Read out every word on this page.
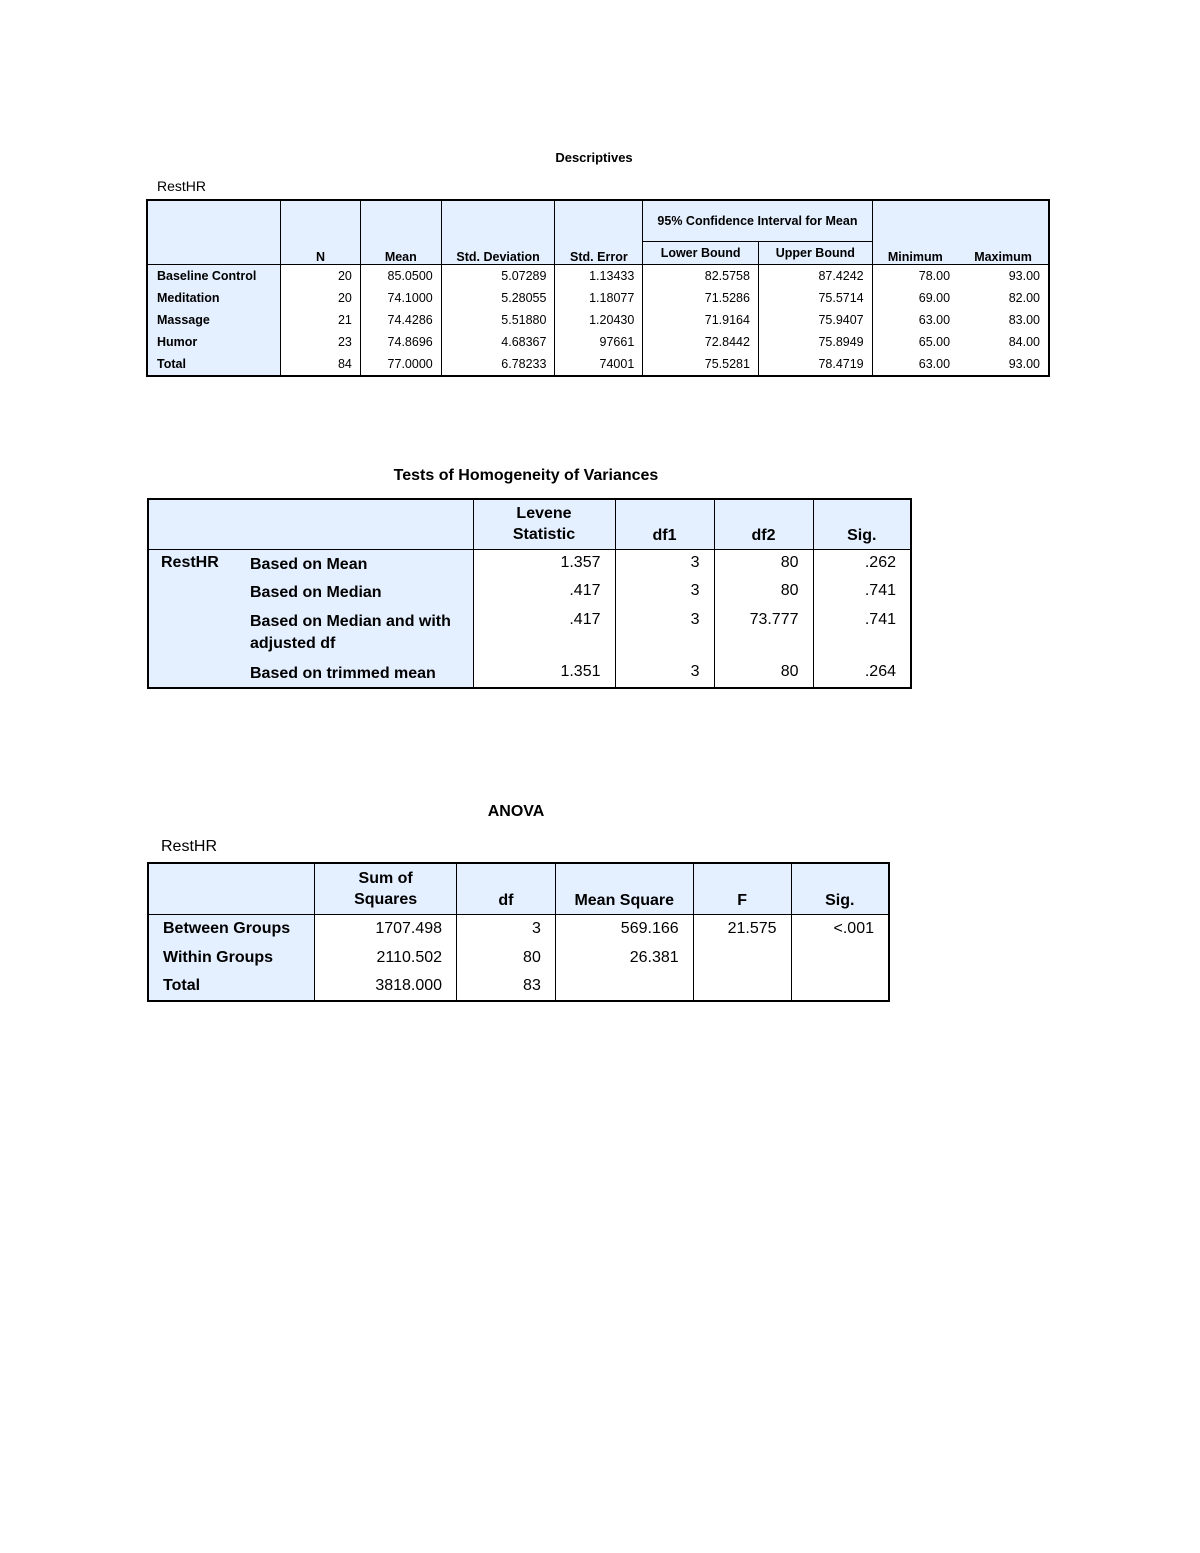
Descriptives
RestHR
	N	Mean	Std. Deviation	Std. Error	95% Confidence Interval for Mean		Minimum	Maximum
					Lower Bound	Upper Bound		
Baseline Control	20	85.0500	5.07289	1.13433	82.5758	87.4242	78.00	93.00
Meditation	20	74.1000	5.28055	1.18077	71.5286	75.5714	69.00	82.00
Massage	21	74.4286	5.51880	1.20430	71.9164	75.9407	63.00	83.00
Humor	23	74.8696	4.68367	97661	72.8442	75.8949	65.00	84.00
Total	84	77.0000	6.78233	74001	75.5281	78.4719	63.00	93.00
Tests of Homogeneity of Variances
		Levene Statistic	df1	df2	Sig.
RestHR	Based on Mean	1.357	3	80	.262
	Based on Median	.417	3	80	.741
	Based on Median and with adjusted df	.417	3	73.777	.741
	Based on trimmed mean	1.351	3	80	.264
ANOVA
RestHR
	Sum of Squares	df	Mean Square	F	Sig.
Between Groups	1707.498	3	569.166	21.575	<.001
Within Groups	2110.502	80	26.381		
Total	3818.000	83			
